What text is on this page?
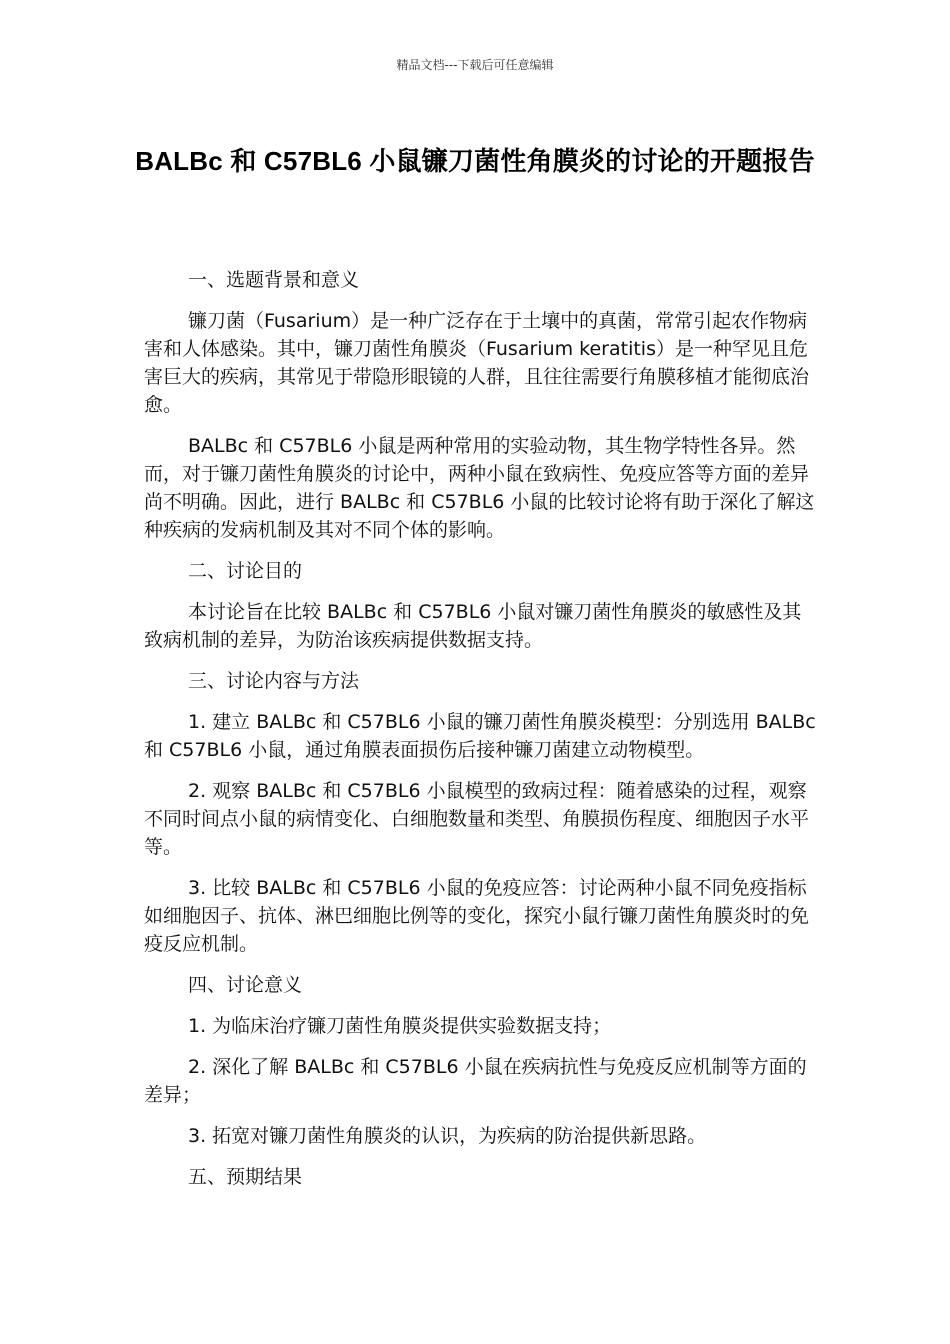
精品文档---下载后可任意编辑
BALBc 和 C57BL6 小鼠镰刀菌性角膜炎的讨论的开题报告
一、选题背景和意义

镰刀菌（Fusarium）是一种广泛存在于土壤中的真菌，常常引起农作物病害和人体感染。其中，镰刀菌性角膜炎（Fusarium keratitis）是一种罕见且危害巨大的疾病，其常见于带隐形眼镜的人群，且往往需要行角膜移植才能彻底治愈。

BALBc 和 C57BL6 小鼠是两种常用的实验动物，其生物学特性各异。然而，对于镰刀菌性角膜炎的讨论中，两种小鼠在致病性、免疫应答等方面的差异尚不明确。因此，进行 BALBc 和 C57BL6 小鼠的比较讨论将有助于深化了解这种疾病的发病机制及其对不同个体的影响。

二、讨论目的

本讨论旨在比较 BALBc 和 C57BL6 小鼠对镰刀菌性角膜炎的敏感性及其致病机制的差异，为防治该疾病提供数据支持。

三、讨论内容与方法

1. 建立 BALBc 和 C57BL6 小鼠的镰刀菌性角膜炎模型：分别选用 BALBc 和 C57BL6 小鼠，通过角膜表面损伤后接种镰刀菌建立动物模型。

2. 观察 BALBc 和 C57BL6 小鼠模型的致病过程：随着感染的过程，观察不同时间点小鼠的病情变化、白细胞数量和类型、角膜损伤程度、细胞因子水平等。

3. 比较 BALBc 和 C57BL6 小鼠的免疫应答：讨论两种小鼠不同免疫指标如细胞因子、抗体、淋巴细胞比例等的变化，探究小鼠行镰刀菌性角膜炎时的免疫反应机制。

四、讨论意义

1. 为临床治疗镰刀菌性角膜炎提供实验数据支持；

2. 深化了解 BALBc 和 C57BL6 小鼠在疾病抗性与免疫反应机制等方面的差异；

3. 拓宽对镰刀菌性角膜炎的认识，为疾病的防治提供新思路。

五、预期结果
